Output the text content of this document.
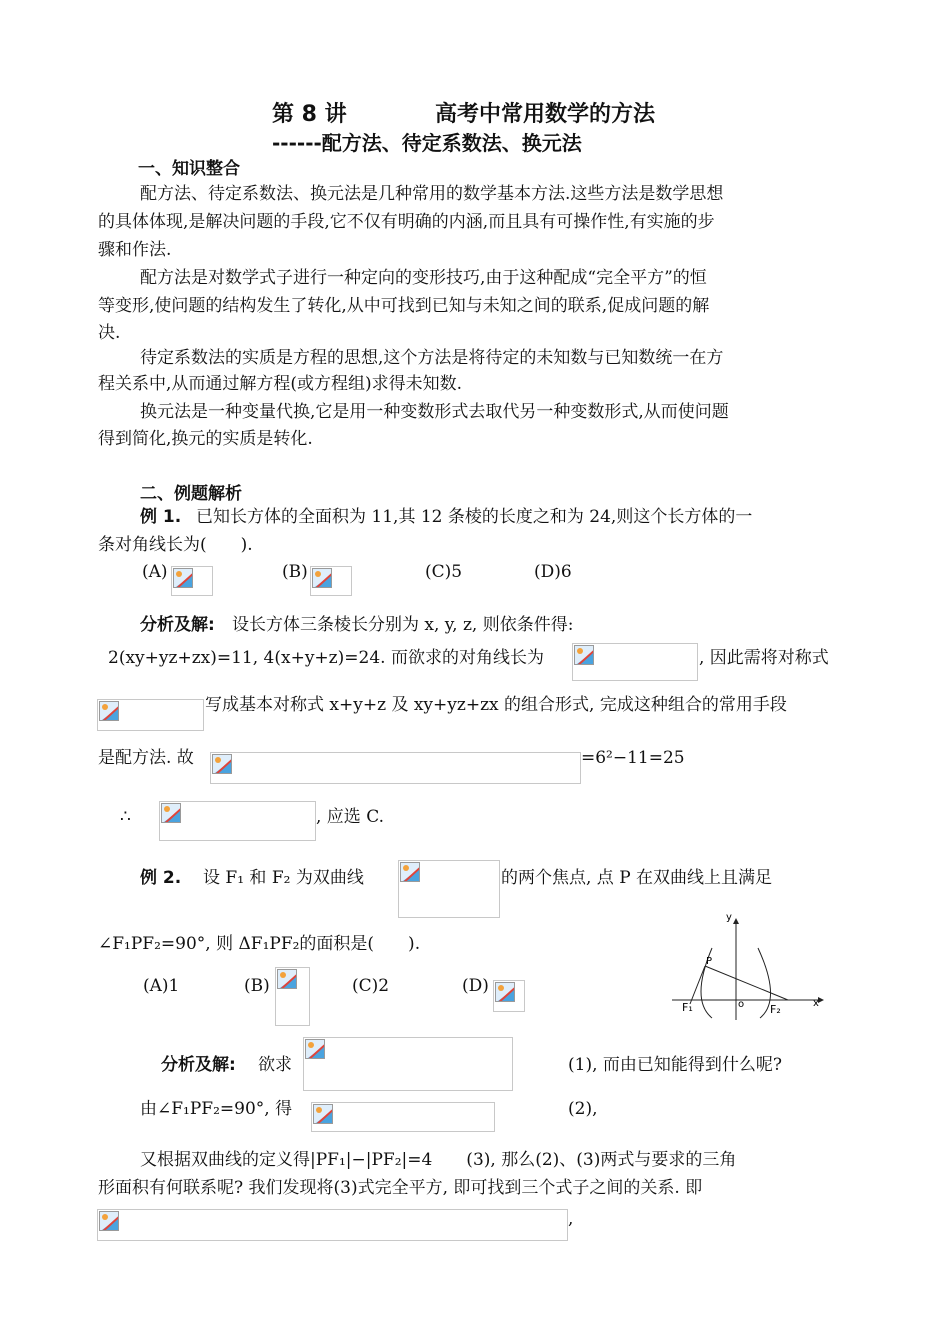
第 8 讲	高考中常用数学的方法
------配方法、待定系数法、换元法
一、知识整合
配方法、待定系数法、换元法是几种常用的数学基本方法.这些方法是数学思想
的具体体现,是解决问题的手段,它不仅有明确的内涵,而且具有可操作性,有实施的步
骤和作法.
配方法是对数学式子进行一种定向的变形技巧,由于这种配成“完全平方”的恒
等变形,使问题的结构发生了转化,从中可找到已知与未知之间的联系,促成问题的解
决.
待定系数法的实质是方程的思想,这个方法是将待定的未知数与已知数统一在方
程关系中,从而通过解方程(或方程组)求得未知数.
换元法是一种变量代换,它是用一种变数形式去取代另一种变数形式,从而使问题
得到简化,换元的实质是转化.
二、例题解析
例 1. 已知长方体的全面积为 11,其 12 条棱的长度之和为 24,则这个长方体的一
条对角线长为(　　).
(A)	(B)	(C)5	(D)6
分析及解: 设长方体三条棱长分别为 x, y, z, 则依条件得:
2(xy+yz+zx)=11, 4(x+y+z)=24. 而欲求的对角线长为	, 因此需将对称式
写成基本对称式 x+y+z 及 xy+yz+zx 的组合形式, 完成这种组合的常用手段
是配方法. 故	=6²−11=25
∴	, 应选 C.
例 2. 设 F₁ 和 F₂ 为双曲线	的两个焦点, 点 P 在双曲线上且满足
∠F₁PF₂=90°, 则 ΔF₁PF₂的面积是(　　).
(A)1	(B)	(C)2	(D)
y
x
P
o
F₁	F₂
分析及解: 欲求	(1), 而由已知能得到什么呢?
由∠F₁PF₂=90°, 得	(2),
又根据双曲线的定义得|PF₁|−|PF₂|=4　　(3), 那么(2)、(3)两式与要求的三角
形面积有何联系呢? 我们发现将(3)式完全平方, 即可找到三个式子之间的关系. 即
,
